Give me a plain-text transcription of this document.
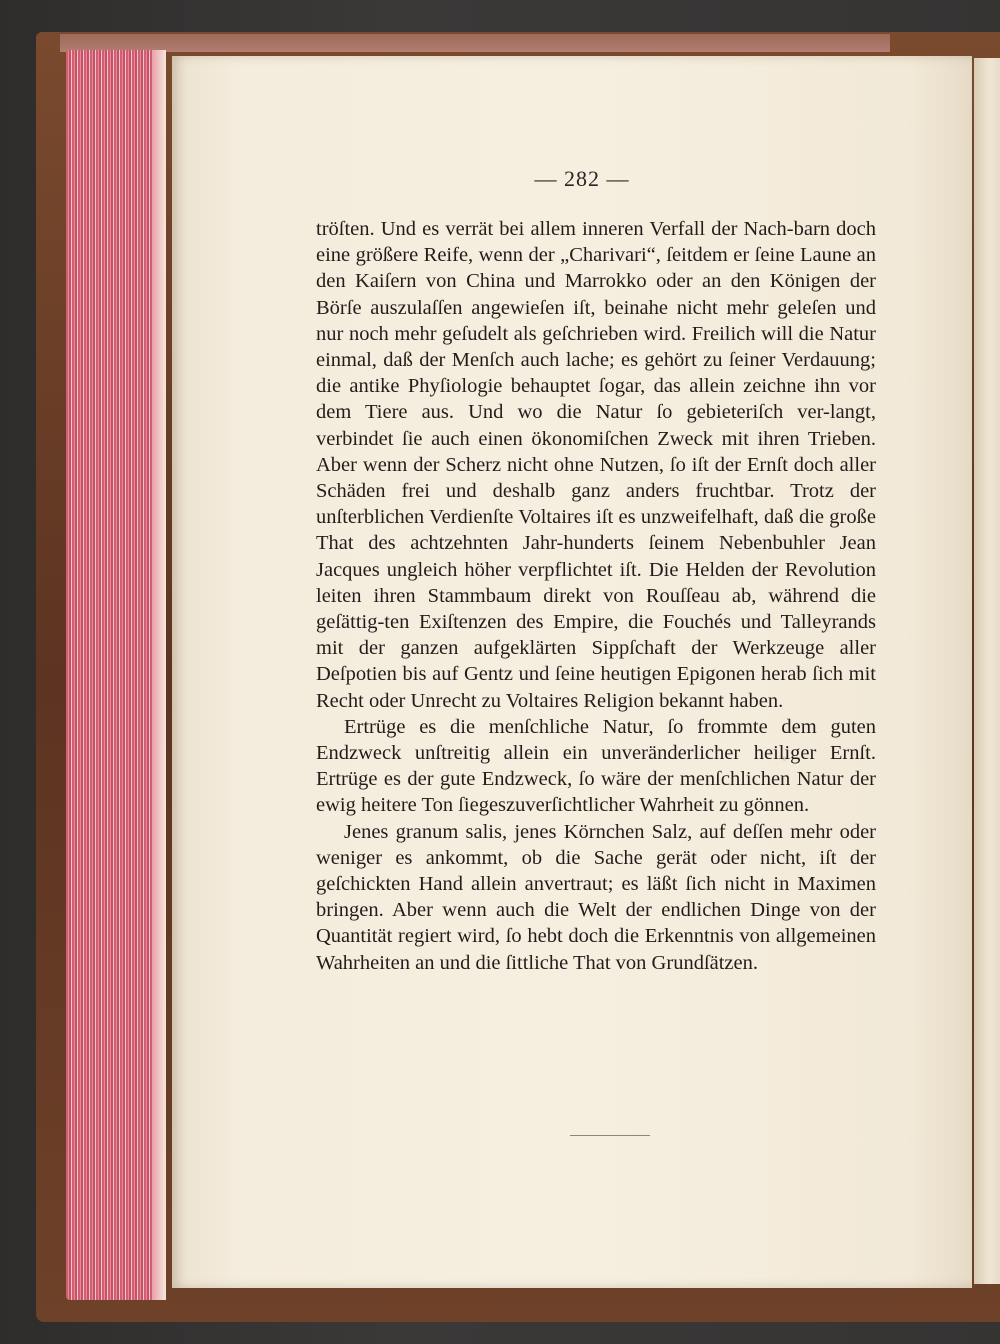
— 282 —

tröſten. Und es verrät bei allem inneren Verfall der Nach-barn doch eine größere Reife, wenn der „Charivari“, ſeitdem er ſeine Laune an den Kaiſern von China und Marrokko oder an den Königen der Börſe auszulaſſen angewieſen iſt, beinahe nicht mehr geleſen und nur noch mehr geſudelt als geſchrieben wird. Freilich will die Natur einmal, daß der Menſch auch lache; es gehört zu ſeiner Verdauung; die antike Phyſiologie behauptet ſogar, das allein zeichne ihn vor dem Tiere aus. Und wo die Natur ſo gebieteriſch ver-langt, verbindet ſie auch einen ökonomiſchen Zweck mit ihren Trieben. Aber wenn der Scherz nicht ohne Nutzen, ſo iſt der Ernſt doch aller Schäden frei und deshalb ganz anders fruchtbar. Trotz der unſterblichen Verdienſte Voltaires iſt es unzweifelhaft, daß die große That des achtzehnten Jahr-hunderts ſeinem Nebenbuhler Jean Jacques ungleich höher verpflichtet iſt. Die Helden der Revolution leiten ihren Stammbaum direkt von Rouſſeau ab, während die geſättig-ten Exiſtenzen des Empire, die Fouchés und Talleyrands mit der ganzen aufgeklärten Sippſchaft der Werkzeuge aller Deſpotien bis auf Gentz und ſeine heutigen Epigonen herab ſich mit Recht oder Unrecht zu Voltaires Religion bekannt haben.

Ertrüge es die menſchliche Natur, ſo frommte dem guten Endzweck unſtreitig allein ein unveränderlicher heiliger Ernſt. Ertrüge es der gute Endzweck, ſo wäre der menſchlichen Natur der ewig heitere Ton ſiegeszuverſichtlicher Wahrheit zu gönnen.

Jenes granum salis, jenes Körnchen Salz, auf deſſen mehr oder weniger es ankommt, ob die Sache gerät oder nicht, iſt der geſchickten Hand allein anvertraut; es läßt ſich nicht in Maximen bringen. Aber wenn auch die Welt der endlichen Dinge von der Quantität regiert wird, ſo hebt doch die Erkenntnis von allgemeinen Wahrheiten an und die ſittliche That von Grundſätzen.
